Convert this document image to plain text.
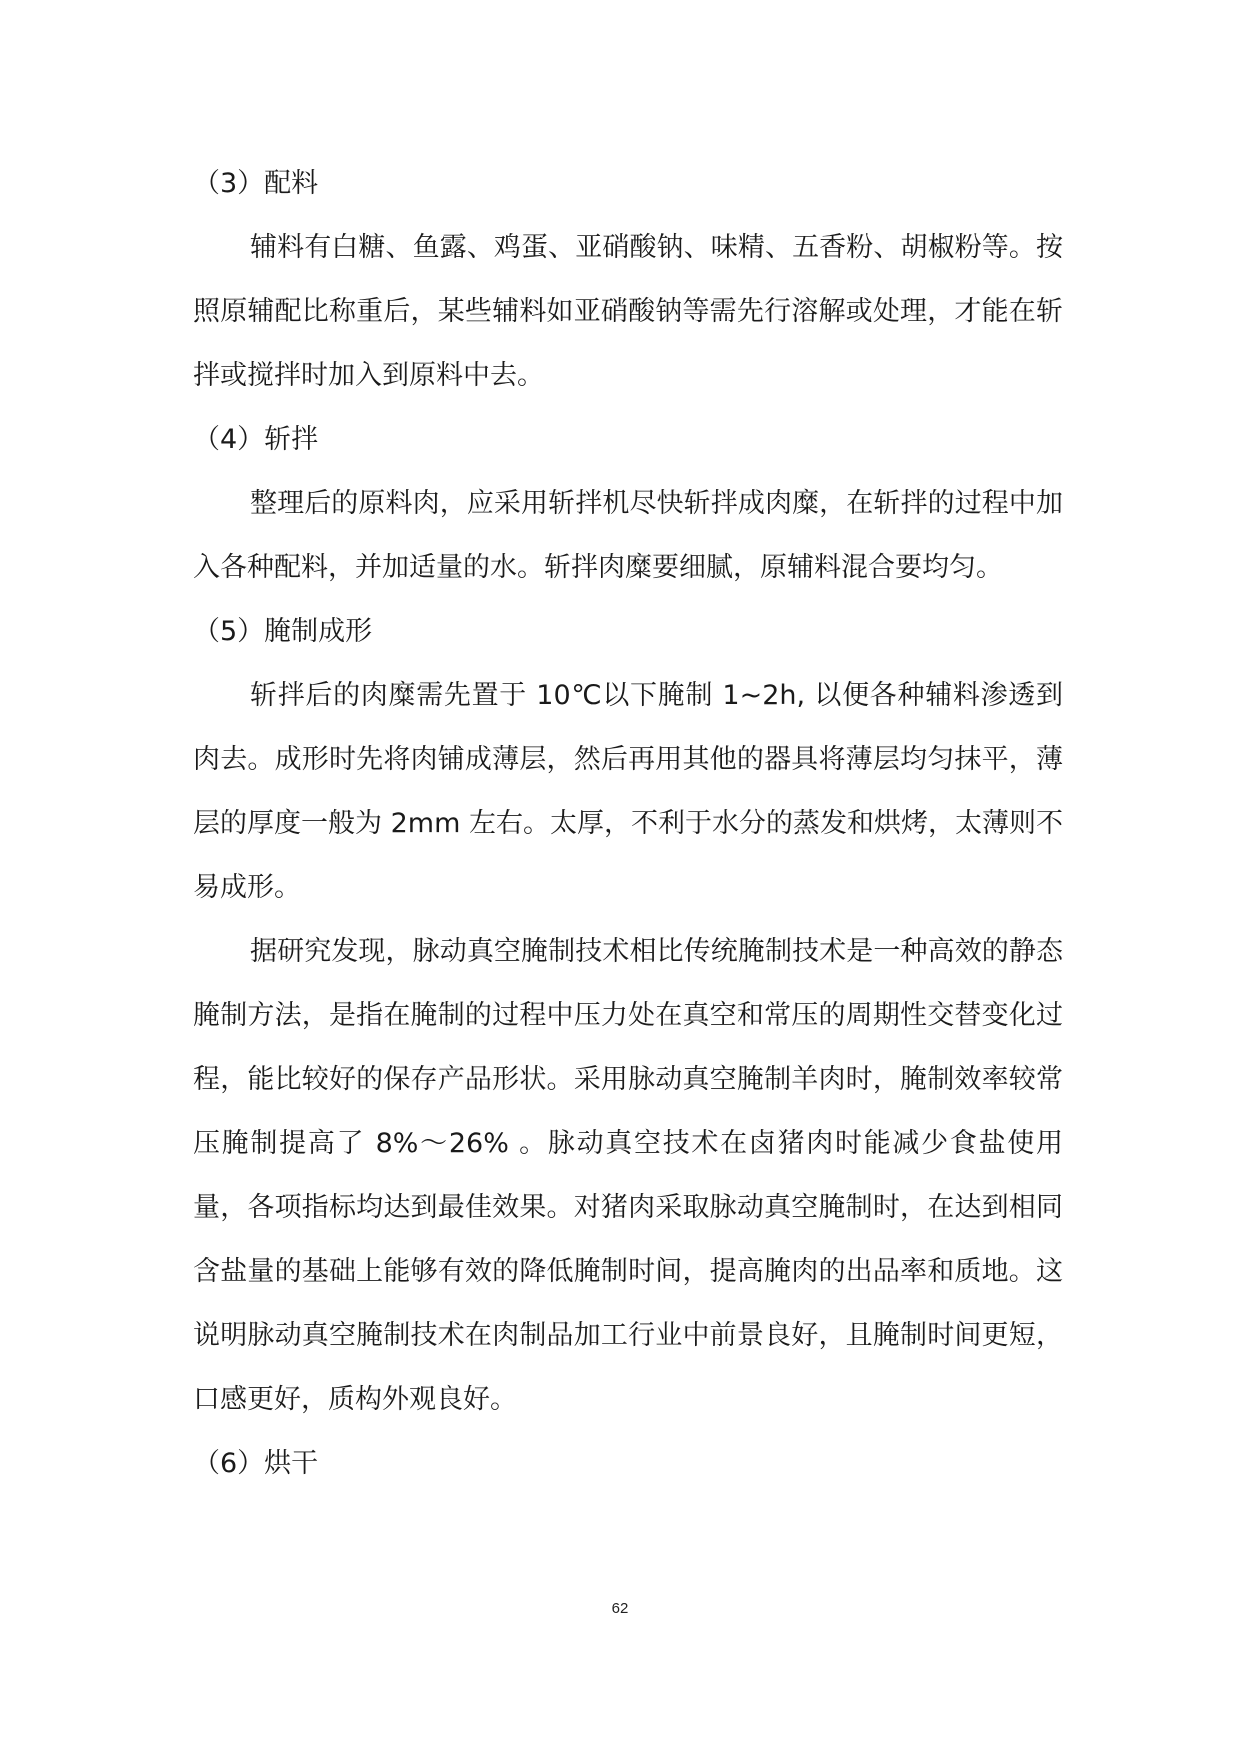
（3）配料

辅料有白糖、鱼露、鸡蛋、亚硝酸钠、味精、五香粉、胡椒粉等。按照原辅配比称重后，某些辅料如亚硝酸钠等需先行溶解或处理，才能在斩拌或搅拌时加入到原料中去。

（4）斩拌

整理后的原料肉，应采用斩拌机尽快斩拌成肉糜，在斩拌的过程中加入各种配料，并加适量的水。斩拌肉糜要细腻，原辅料混合要均匀。

（5）腌制成形

斩拌后的肉糜需先置于 10℃以下腌制 1~2h, 以便各种辅料渗透到肉去。成形时先将肉铺成薄层，然后再用其他的器具将薄层均匀抹平，薄层的厚度一般为 2mm 左右。太厚，不利于水分的蒸发和烘烤，太薄则不易成形。

据研究发现，脉动真空腌制技术相比传统腌制技术是一种高效的静态腌制方法，是指在腌制的过程中压力处在真空和常压的周期性交替变化过程，能比较好的保存产品形状。采用脉动真空腌制羊肉时，腌制效率较常压腌制提高了 8%～26% 。脉动真空技术在卤猪肉时能减少食盐使用量，各项指标均达到最佳效果。对猪肉采取脉动真空腌制时，在达到相同含盐量的基础上能够有效的降低腌制时间，提高腌肉的出品率和质地。这说明脉动真空腌制技术在肉制品加工行业中前景良好，且腌制时间更短，口感更好，质构外观良好。

（6）烘干

62
